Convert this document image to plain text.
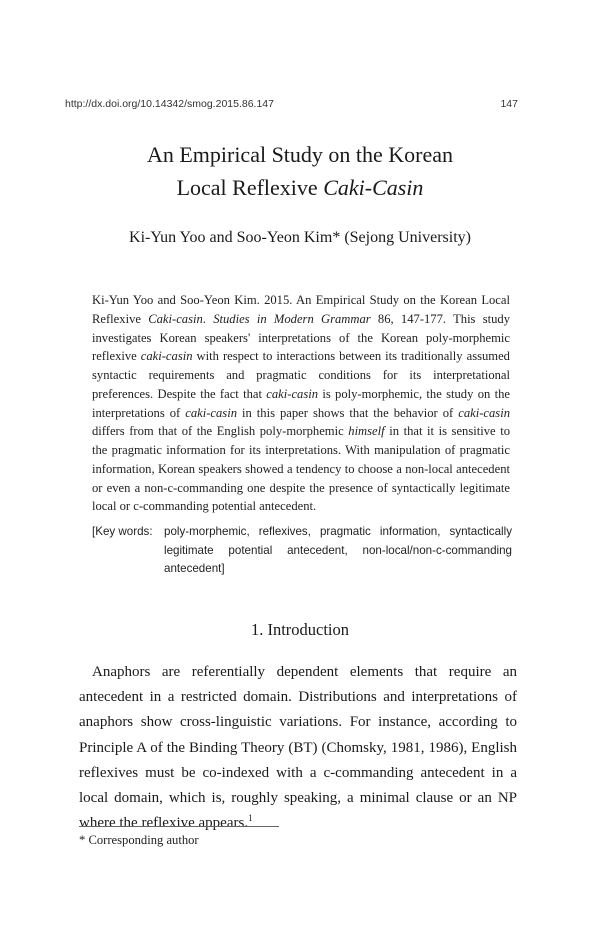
http://dx.doi.org/10.14342/smog.2015.86.147	147
An Empirical Study on the Korean
Local Reflexive Caki-Casin
Ki-Yun Yoo and Soo-Yeon Kim* (Sejong University)
Ki-Yun Yoo and Soo-Yeon Kim. 2015. An Empirical Study on the Korean Local Reflexive Caki-casin. Studies in Modern Grammar 86, 147-177. This study investigates Korean speakers' interpretations of the Korean poly-morphemic reflexive caki-casin with respect to interactions between its traditionally assumed syntactic requirements and pragmatic conditions for its interpretational preferences. Despite the fact that caki-casin is poly-morphemic, the study on the interpretations of caki-casin in this paper shows that the behavior of caki-casin differs from that of the English poly-morphemic himself in that it is sensitive to the pragmatic information for its interpretations. With manipulation of pragmatic information, Korean speakers showed a tendency to choose a non-local antecedent or even a non-c-commanding one despite the presence of syntactically legitimate local or c-commanding potential antecedent.
[Key words: poly-morphemic, reflexives, pragmatic information, syntactically legitimate potential antecedent, non-local/non-c-commanding antecedent]
1. Introduction

Anaphors are referentially dependent elements that require an antecedent in a restricted domain. Distributions and interpretations of anaphors show cross-linguistic variations. For instance, according to Principle A of the Binding Theory (BT) (Chomsky, 1981, 1986), English reflexives must be co-indexed with a c-commanding antecedent in a local domain, which is, roughly speaking, a minimal clause or an NP where the reflexive appears.$^1$

* Corresponding author
